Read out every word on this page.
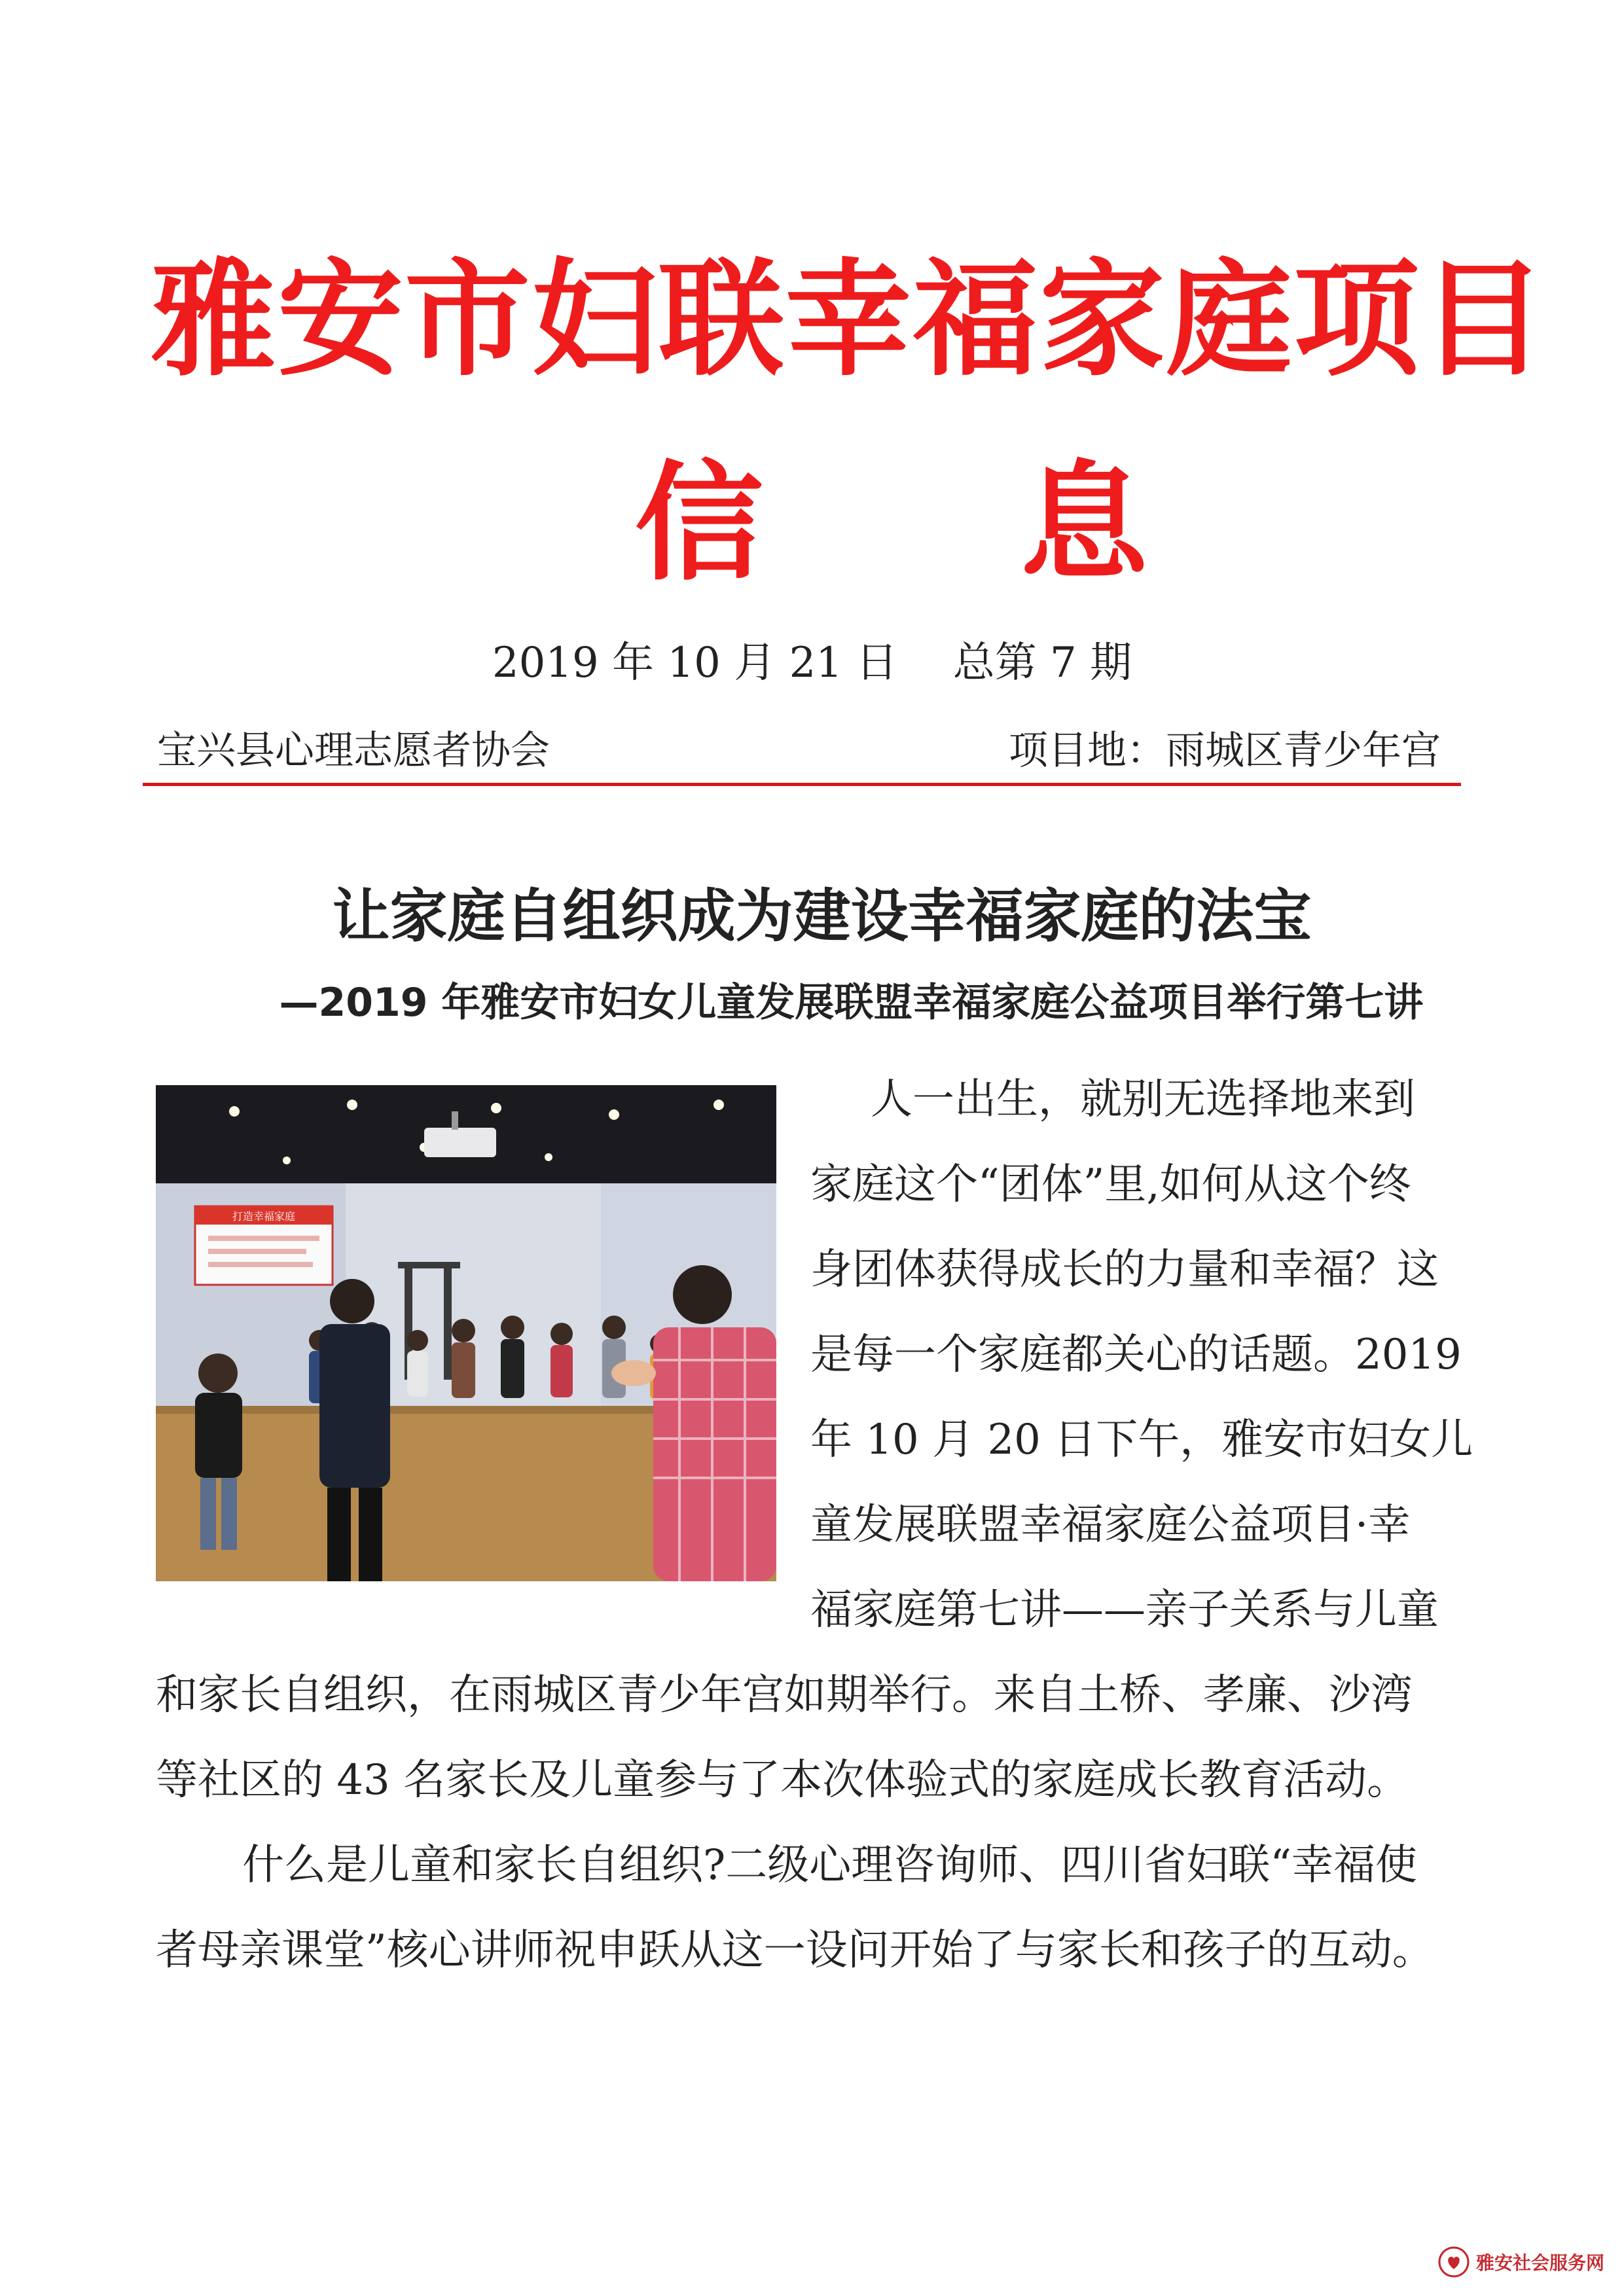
雅安市妇联幸福家庭项目
信　　息
2019 年 10 月 21 日　 总第 7 期
宝兴县心理志愿者协会	项目地：雨城区青少年宫
让家庭自组织成为建设幸福家庭的法宝
—2019 年雅安市妇女儿童发展联盟幸福家庭公益项目举行第七讲
打造幸福家庭
人一出生，就别无选择地来到
家庭这个“团体”里,如何从这个终
身团体获得成长的力量和幸福？这
是每一个家庭都关心的话题。2019
年 10 月 20 日下午，雅安市妇女儿
童发展联盟幸福家庭公益项目·幸
福家庭第七讲——亲子关系与儿童
和家长自组织，在雨城区青少年宫如期举行。来自土桥、孝廉、沙湾
等社区的 43 名家长及儿童参与了本次体验式的家庭成长教育活动。
什么是儿童和家长自组织?二级心理咨询师、四川省妇联“幸福使
者母亲课堂”核心讲师祝申跃从这一设问开始了与家长和孩子的互动。
雅安社会服务网
